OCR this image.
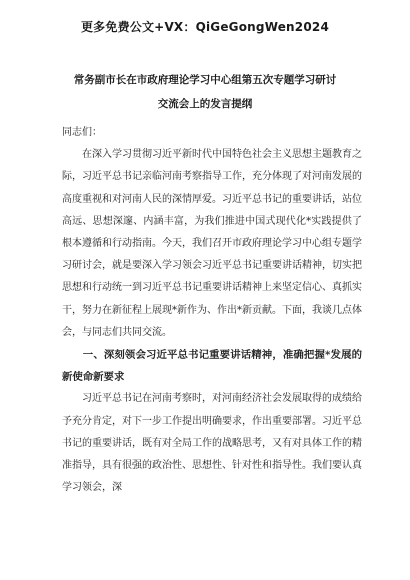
更多免费公文+VX：QiGeGongWen2024
常务副市长在市政府理论学习中心组第五次专题学习研讨
交流会上的发言提纲

同志们：

在深入学习贯彻习近平新时代中国特色社会主义思想主题教育之际，习近平总书记亲临河南考察指导工作，充分体现了对河南发展的高度重视和对河南人民的深情厚爱。习近平总书记的重要讲话，站位高远、思想深邃、内涵丰富，为我们推进中国式现代化*实践提供了根本遵循和行动指南。今天，我们召开市政府理论学习中心组专题学习研讨会，就是要深入学习领会习近平总书记重要讲话精神，切实把思想和行动统一到习近平总书记重要讲话精神上来坚定信心、真抓实干，努力在新征程上展现*新作为、作出*新贡献。下面，我谈几点体会，与同志们共同交流。

一、深刻领会习近平总书记重要讲话精神，准确把握*发展的新使命新要求

习近平总书记在河南考察时，对河南经济社会发展取得的成绩给予充分肯定，对下一步工作提出明确要求，作出重要部署。习近平总书记的重要讲话，既有对全局工作的战略思考，又有对具体工作的精准指导，具有很强的政治性、思想性、针对性和指导性。我们要认真学习领会，深
